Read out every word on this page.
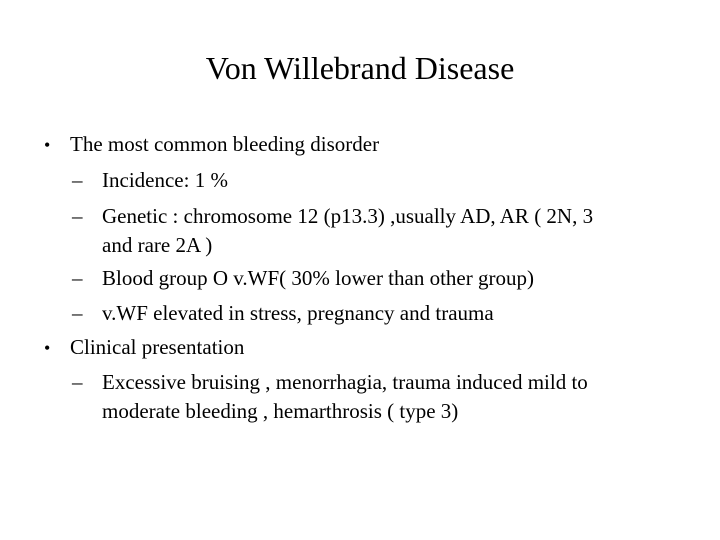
Von Willebrand Disease
• The most common bleeding disorder
– Incidence: 1 %
– Genetic : chromosome 12 (p13.3) ,usually AD, AR ( 2N, 3
and rare 2A )
– Blood group O v.WF( 30% lower than other group)
– v.WF elevated in stress, pregnancy and trauma
• Clinical presentation
– Excessive bruising , menorrhagia, trauma induced mild to
moderate bleeding , hemarthrosis ( type 3)
